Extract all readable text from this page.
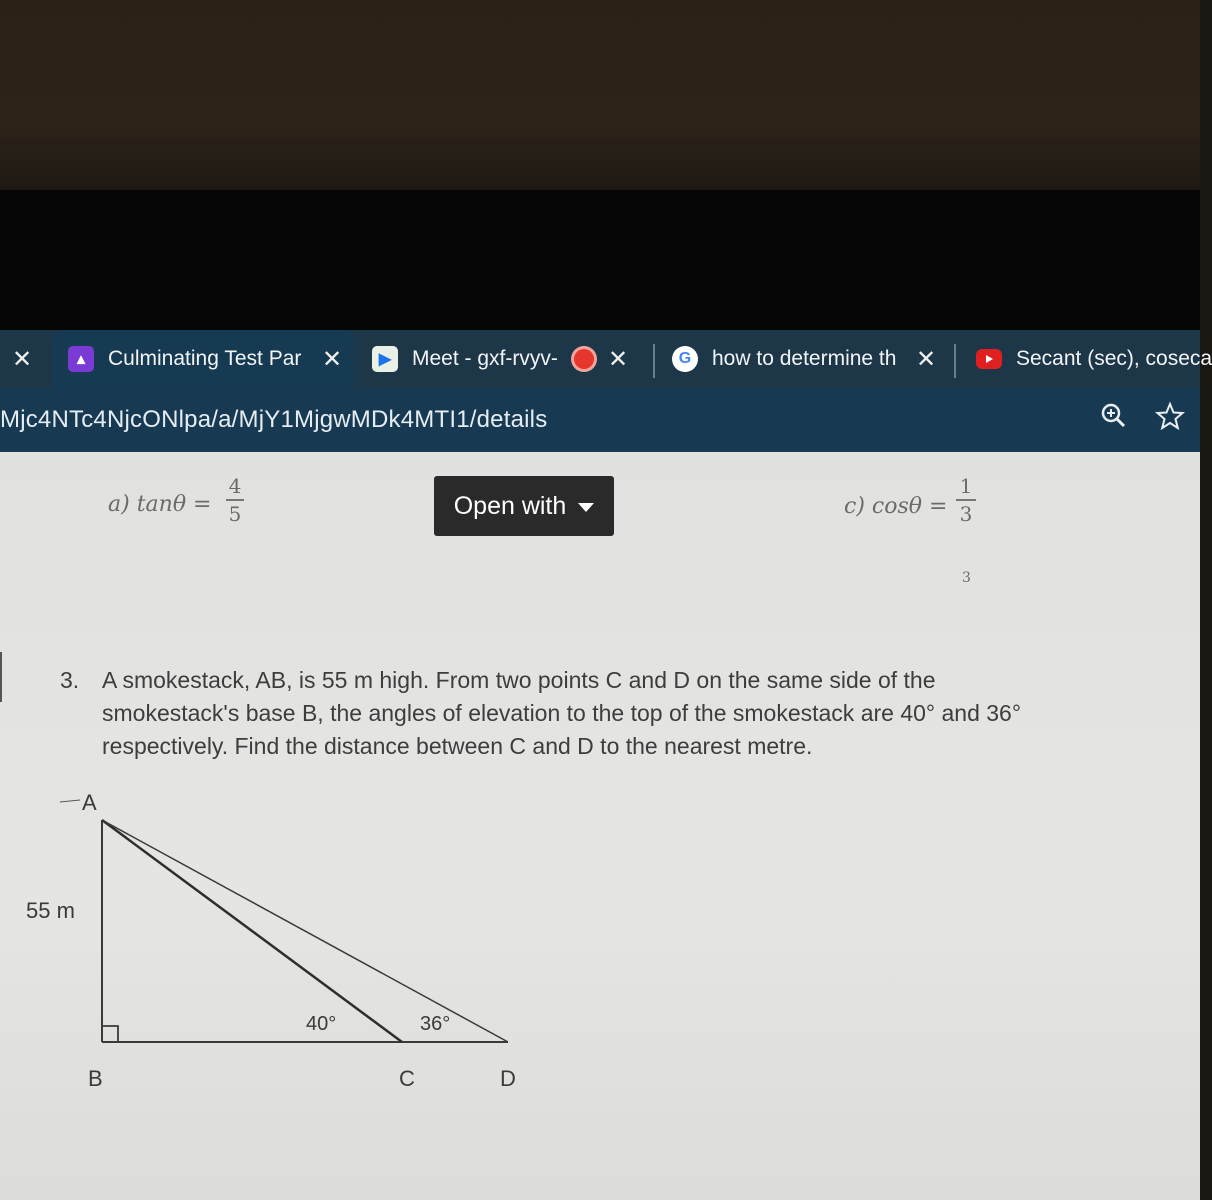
✕	▴	Culminating Test Par ✕	▶ Meet - gxf-rvyv- ✕	G how to determine th ✕	Secant (sec), coseca
Mjc4NTc4NjcONlpa/a/MjY1MjgwMDk4MTI1/details
a) tanθ =
4
5	Open with	c) cosθ =
1
3
3
3. A smokestack, AB, is 55 m high. From two points C and D on the same side of the smokestack's base B, the angles of elevation to the top of the smokestack are 40° and 36° respectively. Find the distance between C and D to the nearest metre.
A
55 m
B	C	D
40°	36°
